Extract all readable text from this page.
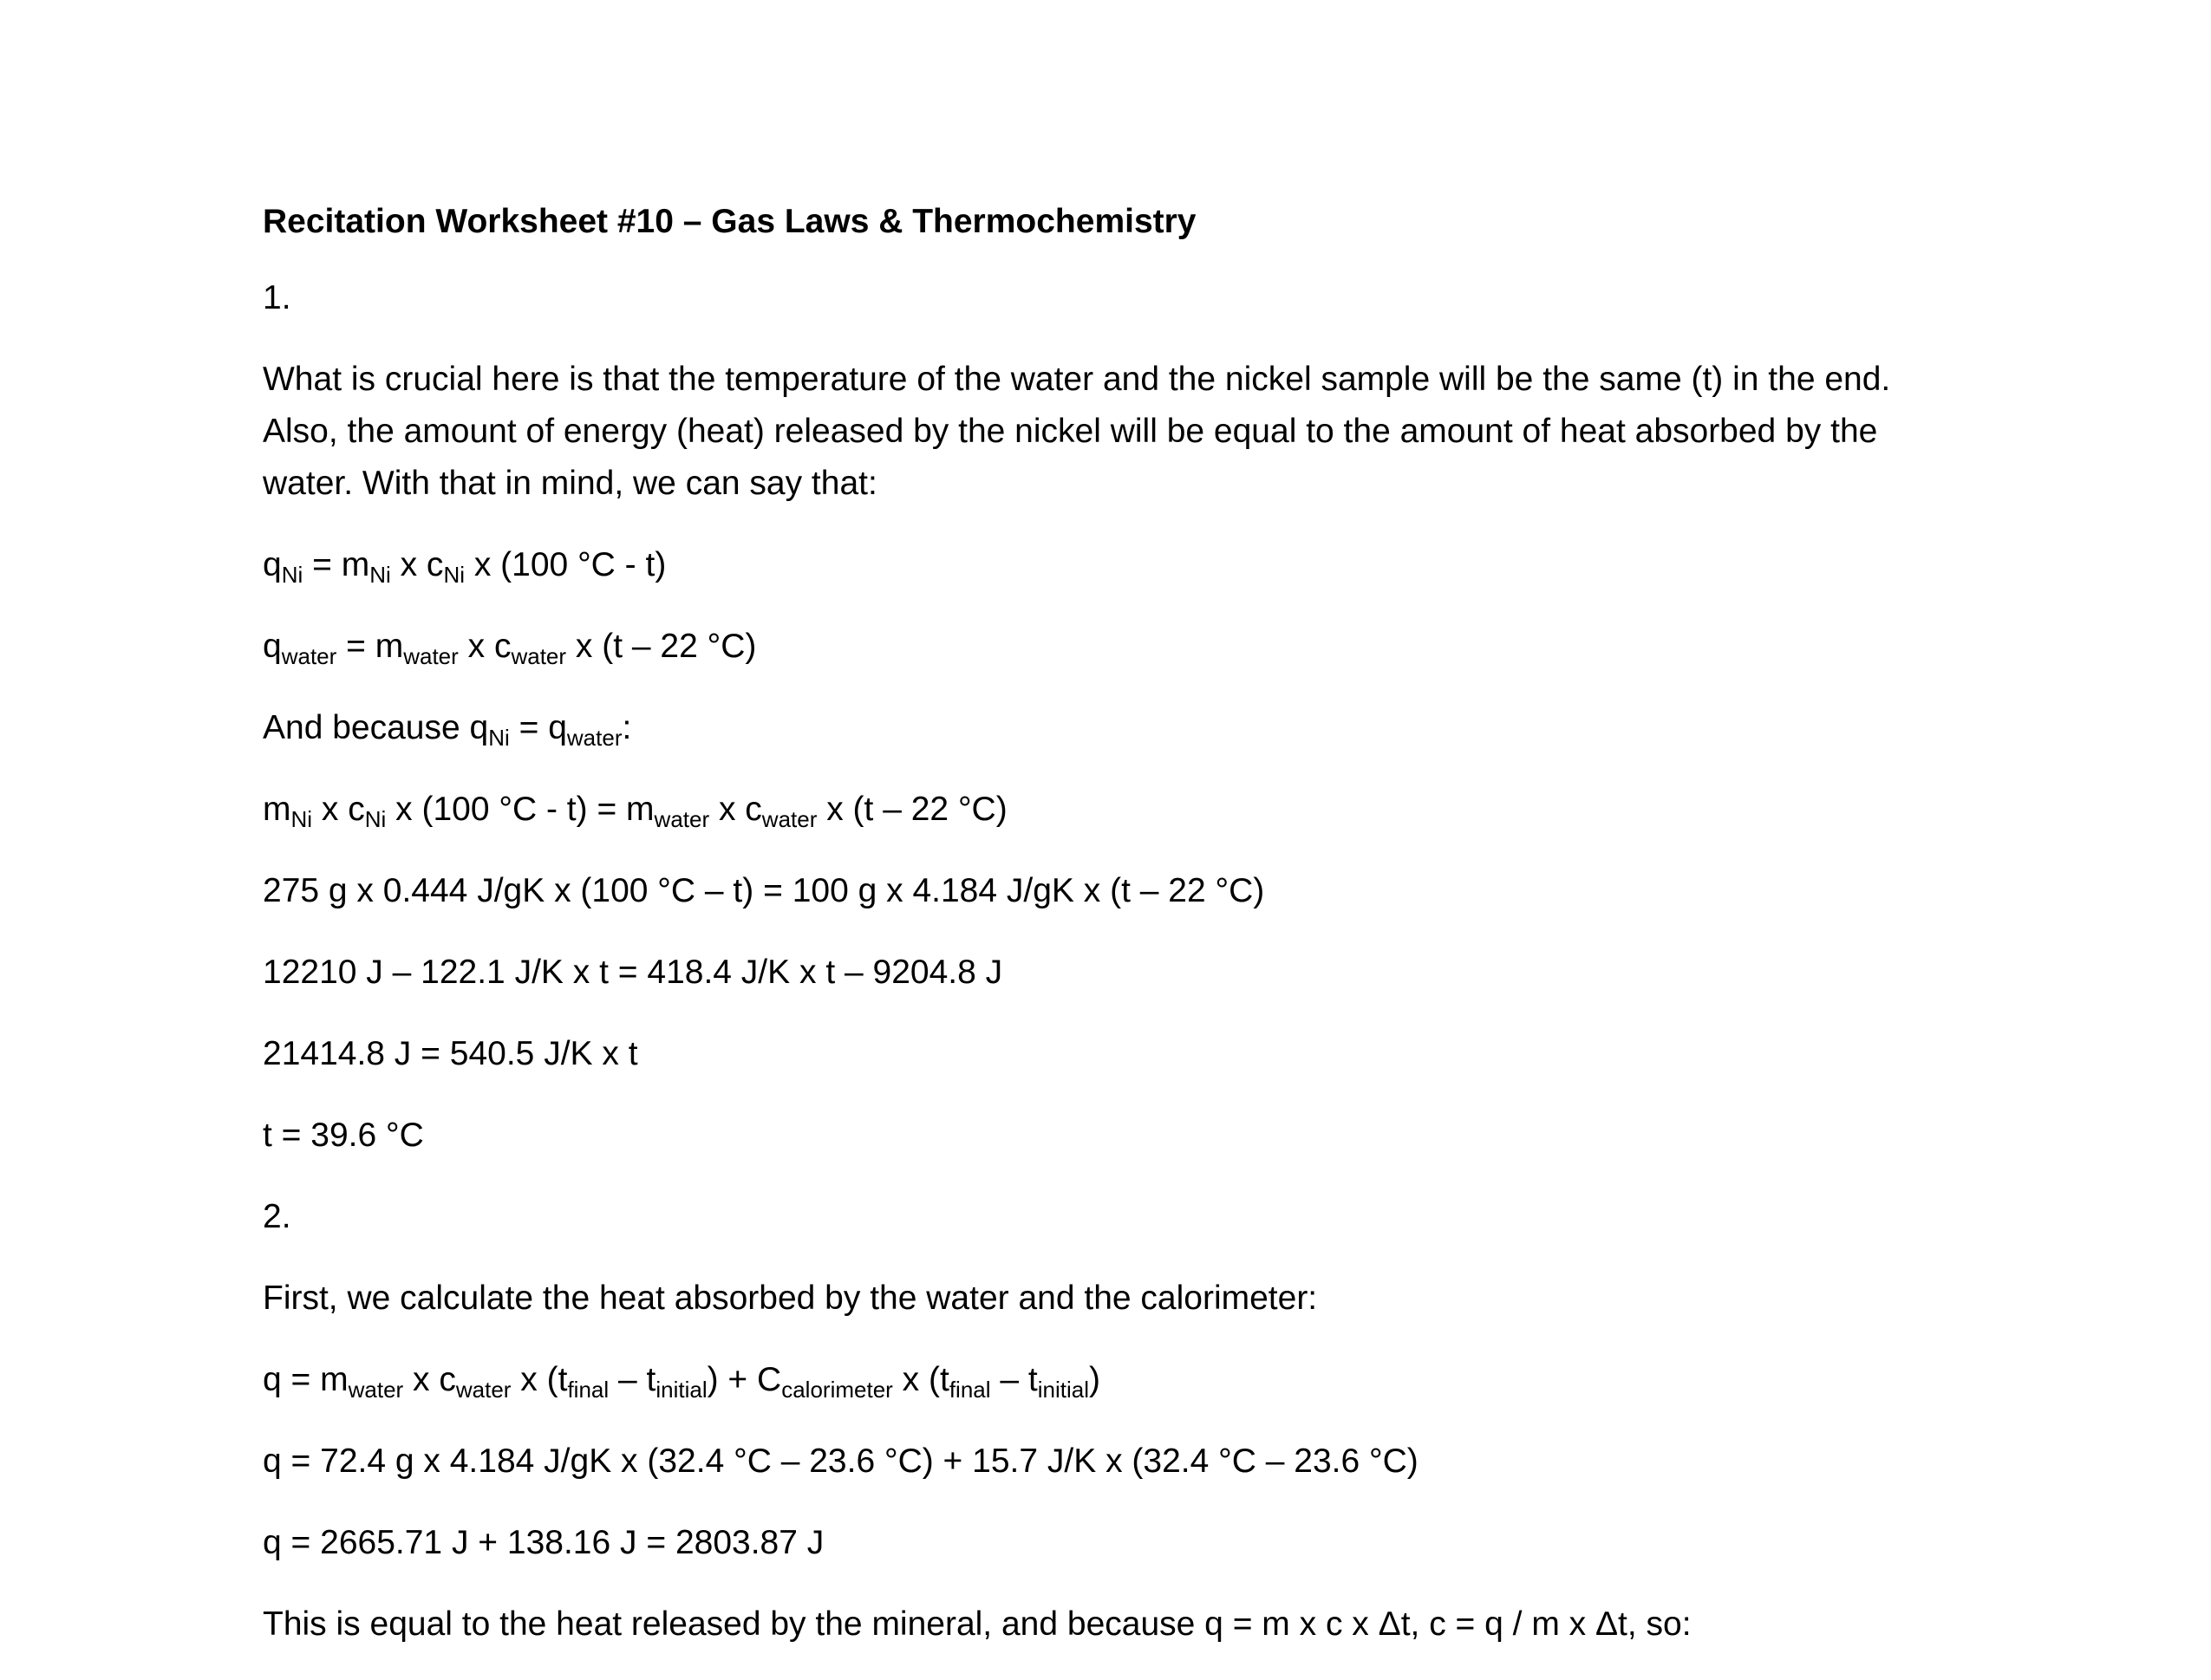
Recitation Worksheet #10 – Gas Laws & Thermochemistry
1.
What is crucial here is that the temperature of the water and the nickel sample will be the same (t) in the end. Also, the amount of energy (heat) released by the nickel will be equal to the amount of heat absorbed by the water. With that in mind, we can say that:
$q_{Ni} = m_{Ni}$ x $c_{Ni}$ x (100 °C - t)
$q_{water} = m_{water}$ x $c_{water}$ x (t – 22 °C)
And because $q_{Ni} = q_{water}$:
$m_{Ni}$ x $c_{Ni}$ x (100 $^\circ C - t) = m_{water}$ x $c_{water}$ x (t – 22 °C)
275 g x 0.444 J/gK x (100 °C – t) = 100 g x 4.184 J/gK x (t – 22 °C)
12210 J – 122.1 J/K x t = 418.4 J/K x t – 9204.8 J
21414.8 J = 540.5 J/K x t
t = 39.6 °C
2.
First, we calculate the heat absorbed by the water and the calorimeter:
$q = m_{water}$ x $c_{water}$ x $(t_{final} - t_{initial}) + C_{calorimeter}$ x $(t_{final} - t_{initial})$
q = 72.4 g x 4.184 J/gK x (32.4 °C – 23.6 °C) + 15.7 J/K x (32.4 °C – 23.6 °C)
q = 2665.71 J + 138.16 J = 2803.87 J
This is equal to the heat released by the mineral, and because q = m x c x Δt, c = q / m x Δt, so:
